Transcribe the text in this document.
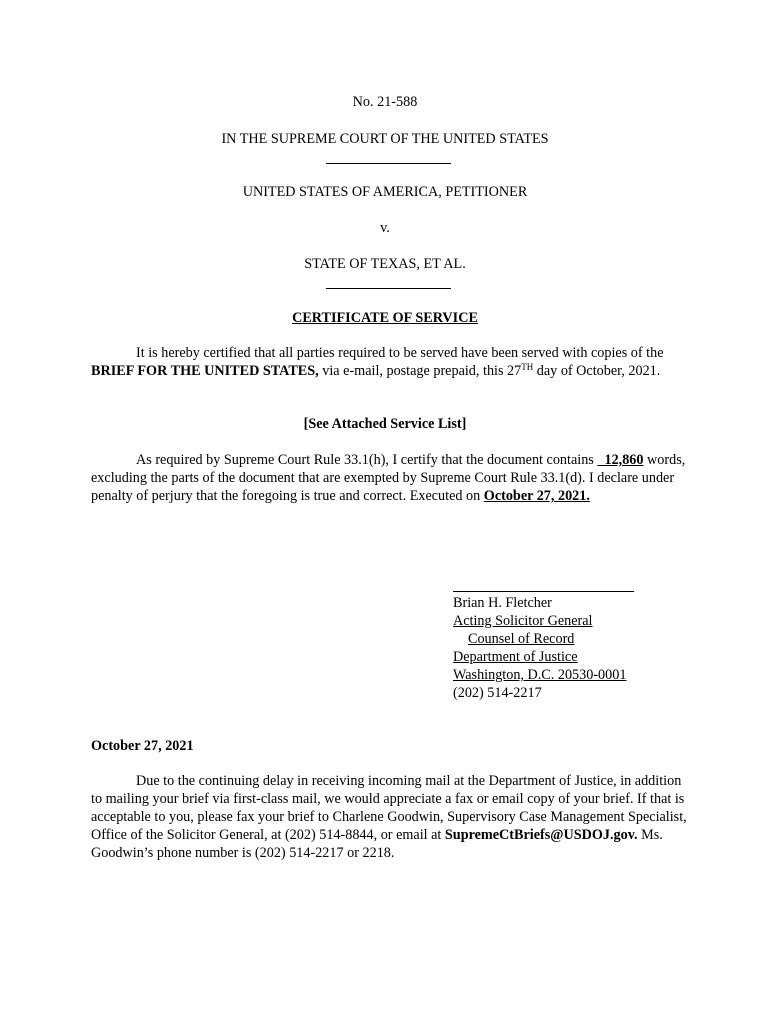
No. 21-588
IN THE SUPREME COURT OF THE UNITED STATES
UNITED STATES OF AMERICA, PETITIONER
v.
STATE OF TEXAS, ET AL.
CERTIFICATE OF SERVICE
It is hereby certified that all parties required to be served have been served with copies of the BRIEF FOR THE UNITED STATES, via e-mail, postage prepaid, this 27TH day of October, 2021.
[See Attached Service List]
As required by Supreme Court Rule 33.1(h), I certify that the document contains   12,860 words, excluding the parts of the document that are exempted by Supreme Court Rule 33.1(d). I declare under penalty of perjury that the foregoing is true and correct. Executed on October 27, 2021.
Brian H. Fletcher
Acting Solicitor General
Counsel of Record
Department of Justice
Washington, D.C. 20530-0001
(202) 514-2217
October 27, 2021
Due to the continuing delay in receiving incoming mail at the Department of Justice, in addition to mailing your brief via first-class mail, we would appreciate a fax or email copy of your brief. If that is acceptable to you, please fax your brief to Charlene Goodwin, Supervisory Case Management Specialist, Office of the Solicitor General, at (202) 514-8844, or email at SupremeCtBriefs@USDOJ.gov. Ms. Goodwin’s phone number is (202) 514-2217 or 2218.
